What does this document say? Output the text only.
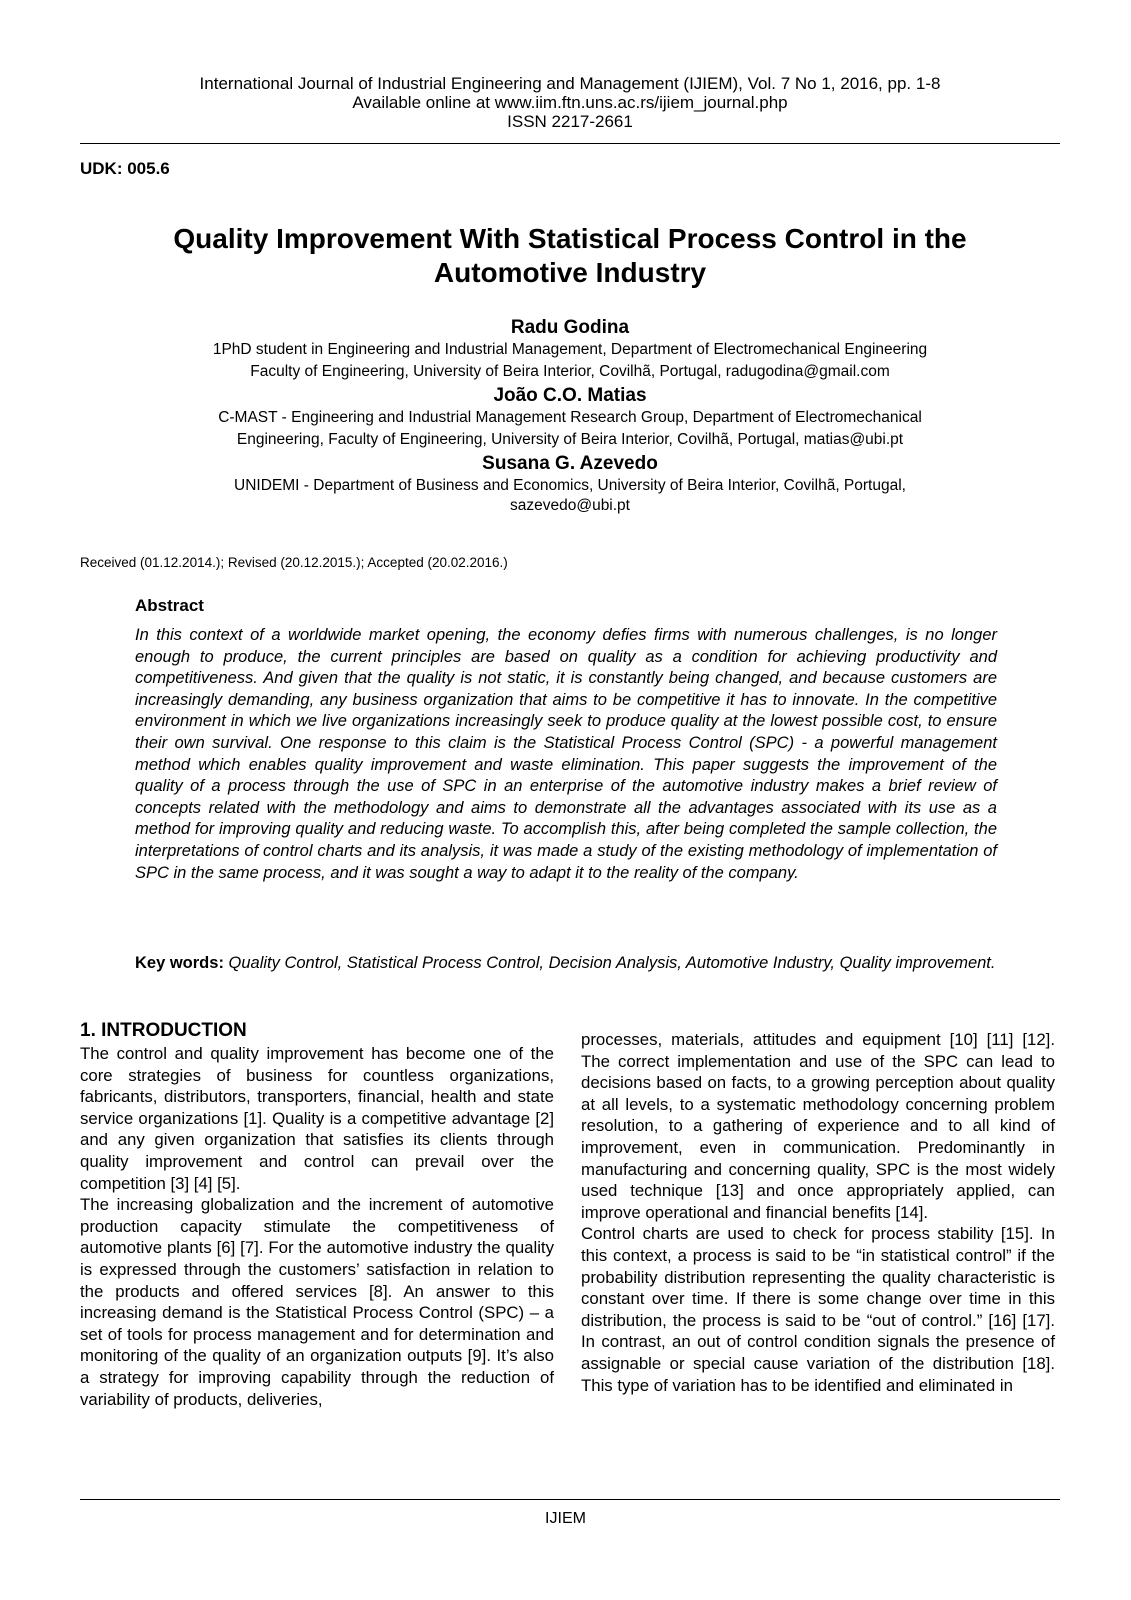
International Journal of Industrial Engineering and Management (IJIEM), Vol. 7 No 1, 2016, pp. 1-8
Available online at www.iim.ftn.uns.ac.rs/ijiem_journal.php
ISSN 2217-2661
UDK: 005.6
Quality Improvement With Statistical Process Control in the
Automotive Industry
Radu Godina
1PhD student in Engineering and Industrial Management, Department of Electromechanical Engineering
Faculty of Engineering, University of Beira Interior, Covilhã, Portugal, radugodina@gmail.com
João C.O. Matias
C-MAST - Engineering and Industrial Management Research Group, Department of Electromechanical
Engineering, Faculty of Engineering, University of Beira Interior, Covilhã, Portugal, matias@ubi.pt
Susana G. Azevedo
UNIDEMI - Department of Business and Economics, University of Beira Interior, Covilhã, Portugal,
sazevedo@ubi.pt
Received (01.12.2014.); Revised (20.12.2015.); Accepted (20.02.2016.)
Abstract
In this context of a worldwide market opening, the economy defies firms with numerous challenges, is no longer enough to produce, the current principles are based on quality as a condition for achieving productivity and competitiveness. And given that the quality is not static, it is constantly being changed, and because customers are increasingly demanding, any business organization that aims to be competitive it has to innovate. In the competitive environment in which we live organizations increasingly seek to produce quality at the lowest possible cost, to ensure their own survival. One response to this claim is the Statistical Process Control (SPC) - a powerful management method which enables quality improvement and waste elimination. This paper suggests the improvement of the quality of a process through the use of SPC in an enterprise of the automotive industry makes a brief review of concepts related with the methodology and aims to demonstrate all the advantages associated with its use as a method for improving quality and reducing waste. To accomplish this, after being completed the sample collection, the interpretations of control charts and its analysis, it was made a study of the existing methodology of implementation of SPC in the same process, and it was sought a way to adapt it to the reality of the company.
Key words: Quality Control, Statistical Process Control, Decision Analysis, Automotive Industry, Quality improvement.
1. INTRODUCTION

The control and quality improvement has become one of the core strategies of business for countless organizations, fabricants, distributors, transporters, financial, health and state service organizations [1]. Quality is a competitive advantage [2] and any given organization that satisfies its clients through quality improvement and control can prevail over the competition [3] [4] [5].

The increasing globalization and the increment of automotive production capacity stimulate the competitiveness of automotive plants [6] [7]. For the automotive industry the quality is expressed through the customers’ satisfaction in relation to the products and offered services [8]. An answer to this increasing demand is the Statistical Process Control (SPC) – a set of tools for process management and for determination and monitoring of the quality of an organization outputs [9]. It’s also a strategy for improving capability through the reduction of variability of products, deliveries,

processes, materials, attitudes and equipment [10] [11] [12]. The correct implementation and use of the SPC can lead to decisions based on facts, to a growing perception about quality at all levels, to a systematic methodology concerning problem resolution, to a gathering of experience and to all kind of improvement, even in communication. Predominantly in manufacturing and concerning quality, SPC is the most widely used technique [13] and once appropriately applied, can improve operational and financial benefits [14].

Control charts are used to check for process stability [15]. In this context, a process is said to be “in statistical control” if the probability distribution representing the quality characteristic is constant over time. If there is some change over time in this distribution, the process is said to be “out of control.” [16] [17]. In contrast, an out of control condition signals the presence of assignable or special cause variation of the distribution [18]. This type of variation has to be identified and eliminated in

IJIEM
